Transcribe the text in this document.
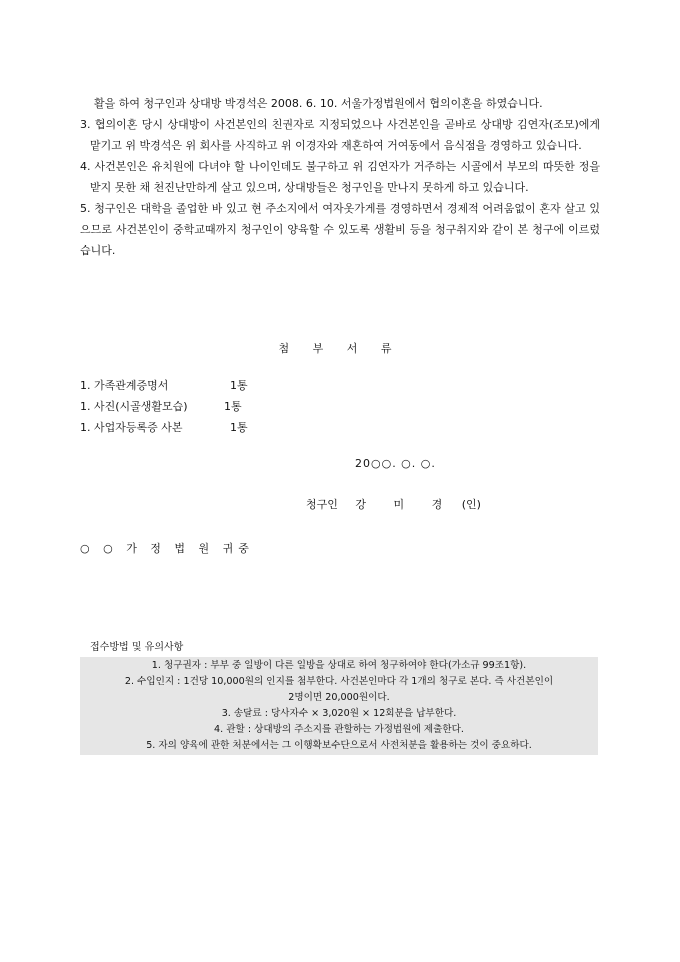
활을 하여 청구인과 상대방 박경석은 2008. 6. 10. 서울가정법원에서 협의이혼을 하였습니다.

3. 협의이혼 당시 상대방이 사건본인의 친권자로 지정되었으나 사건본인을 곧바로 상대방 김연자(조모)에게 맡기고 위 박경석은 위 회사를 사직하고 위 이경자와 재혼하여 거여동에서 음식점을 경영하고 있습니다.

4. 사건본인은 유치원에 다녀야 할 나이인데도 불구하고 위 김연자가 거주하는 시골에서 부모의 따뜻한 정을 받지 못한 채 천진난만하게 살고 있으며, 상대방들은 청구인을 만나지 못하게 하고 있습니다.

5. 청구인은 대학을 졸업한 바 있고 현 주소지에서 여자옷가게를 경영하면서 경제적 어려움없이 혼자 살고 있으므로 사건본인이 중학교때까지 청구인이 양육할 수 있도록 생활비 등을 청구취지와 같이 본 청구에 이르렀습니다.

첨 부 서 류
1. 가족관계증명서	1통
1. 사진(시골생활모습)	1통
1. 사업자등록증 사본	1통
20○○. ○. ○.
청구인 강 미 경 (인)
○ ○ 가 정 법 원 귀중
접수방법 및 유의사항
1. 청구권자 : 부부 중 일방이 다른 일방을 상대로 하여 청구하여야 한다(가소규 99조1항).
2. 수입인지 : 1건당 10,000원의 인지를 첨부한다. 사건본인마다 각 1개의 청구로 본다. 즉 사건본인이
2명이면 20,000원이다.
3. 송달료 : 당사자수 × 3,020원 × 12회분을 납부한다.
4. 관할 : 상대방의 주소지를 관할하는 가정법원에 제출한다.
5. 자의 양육에 관한 처분에서는 그 이행확보수단으로서 사전처분을 활용하는 것이 중요하다.
